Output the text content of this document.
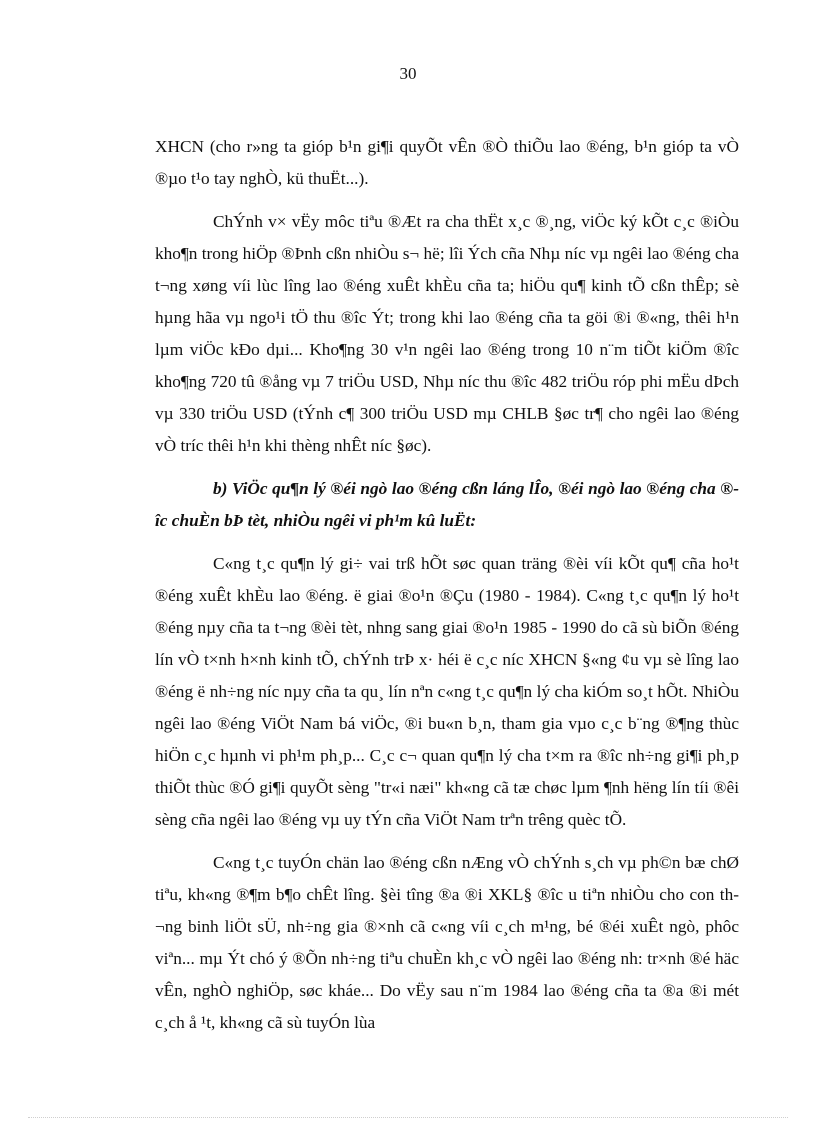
30

XHCN (cho r»ng ta gióp b¹n gi¶i quyÕt vÊn ®Ò thiÕu lao ®éng, b¹n gióp ta vÒ ®µo t¹o tay nghÒ, kü thuËt...).

ChÝnh v× vËy môc tiªu ®Æt ra cha thËt x¸c ®¸ng, viÖc ký kÕt c¸c ®iÒu kho¶n trong hiÖp ®Þnh cßn nhiÒu s¬ hë; lîi Ých cña Nhµ níc vµ ngêi lao ®éng cha t¬ng xøng víi lùc lîng lao ®éng xuÊt khÈu cña ta; hiÖu qu¶ kinh tÕ cßn thÊp; sè hµng hãa vµ ngo¹i tÖ thu ®îc Ýt; trong khi lao ®éng cña ta göi ®i ®«ng, thêi h¹n lµm viÖc kÐo dµi... Kho¶ng 30 v¹n ngêi lao ®éng trong 10 n¨m tiÕt kiÖm ®îc kho¶ng 720 tû ®ång vµ 7 triÖu USD, Nhµ níc thu ®îc 482 triÖu róp phi mËu dÞch vµ 330 triÖu USD (tÝnh c¶ 300 triÖu USD mµ CHLB §øc tr¶ cho ngêi lao ®éng vÒ tríc thêi h¹n khi thèng nhÊt níc §øc).

b) ViÖc qu¶n lý ®éi ngò lao ®éng cßn láng lÎo, ®éi ngò lao ®éng cha ®îc chuÈn bÞ tèt, nhiÒu ngêi vi ph¹m kû luËt:

C«ng t¸c qu¶n lý gi÷ vai trß hÕt søc quan träng ®èi víi kÕt qu¶ cña ho¹t ®éng xuÊt khÈu lao ®éng. ë giai ®o¹n ®Çu (1980 - 1984). C«ng t¸c qu¶n lý ho¹t ®éng nµy cña ta t¬ng ®èi tèt, nhng sang giai ®o¹n 1985 - 1990 do cã sù biÕn ®éng lín vÒ t×nh h×nh kinh tÕ, chÝnh trÞ x· héi ë c¸c níc XHCN §«ng ¢u vµ sè lîng lao ®éng ë nh÷ng níc nµy cña ta qu¸ lín nªn c«ng t¸c qu¶n lý cha kiÓm so¸t hÕt. NhiÒu ngêi lao ®éng ViÖt Nam bá viÖc, ®i bu«n b¸n, tham gia vµo c¸c b¨ng ®¶ng thùc hiÖn c¸c hµnh vi ph¹m ph¸p... C¸c c¬ quan qu¶n lý cha t×m ra ®îc nh÷ng gi¶i ph¸p thiÕt thùc ®Ó gi¶i quyÕt sèng "tr«i næi" kh«ng cã tæ chøc lµm ¶nh hëng lín tíi ®êi sèng cña ngêi lao ®éng vµ uy tÝn cña ViÖt Nam trªn trêng quèc tÕ.

C«ng t¸c tuyÓn chän lao ®éng cßn nÆng vÒ chÝnh s¸ch vµ ph©n bæ chØ tiªu, kh«ng ®¶m b¶o chÊt lîng. §èi tîng ®a ®i XKL§ ®îc u tiªn nhiÒu cho con th¬ng binh liÖt sÜ, nh÷ng gia ®×nh cã c«ng víi c¸ch m¹ng, bé ®éi xuÊt ngò, phôc viªn... mµ Ýt chó ý ®Õn nh÷ng tiªu chuÈn kh¸c vÒ ngêi lao ®éng nh: tr×nh ®é häc vÊn, nghÒ nghiÖp, søc kháe... Do vËy sau n¨m 1984 lao ®éng cña ta ®a ®i mét c¸ch å ¹t, kh«ng cã sù tuyÓn lùa
